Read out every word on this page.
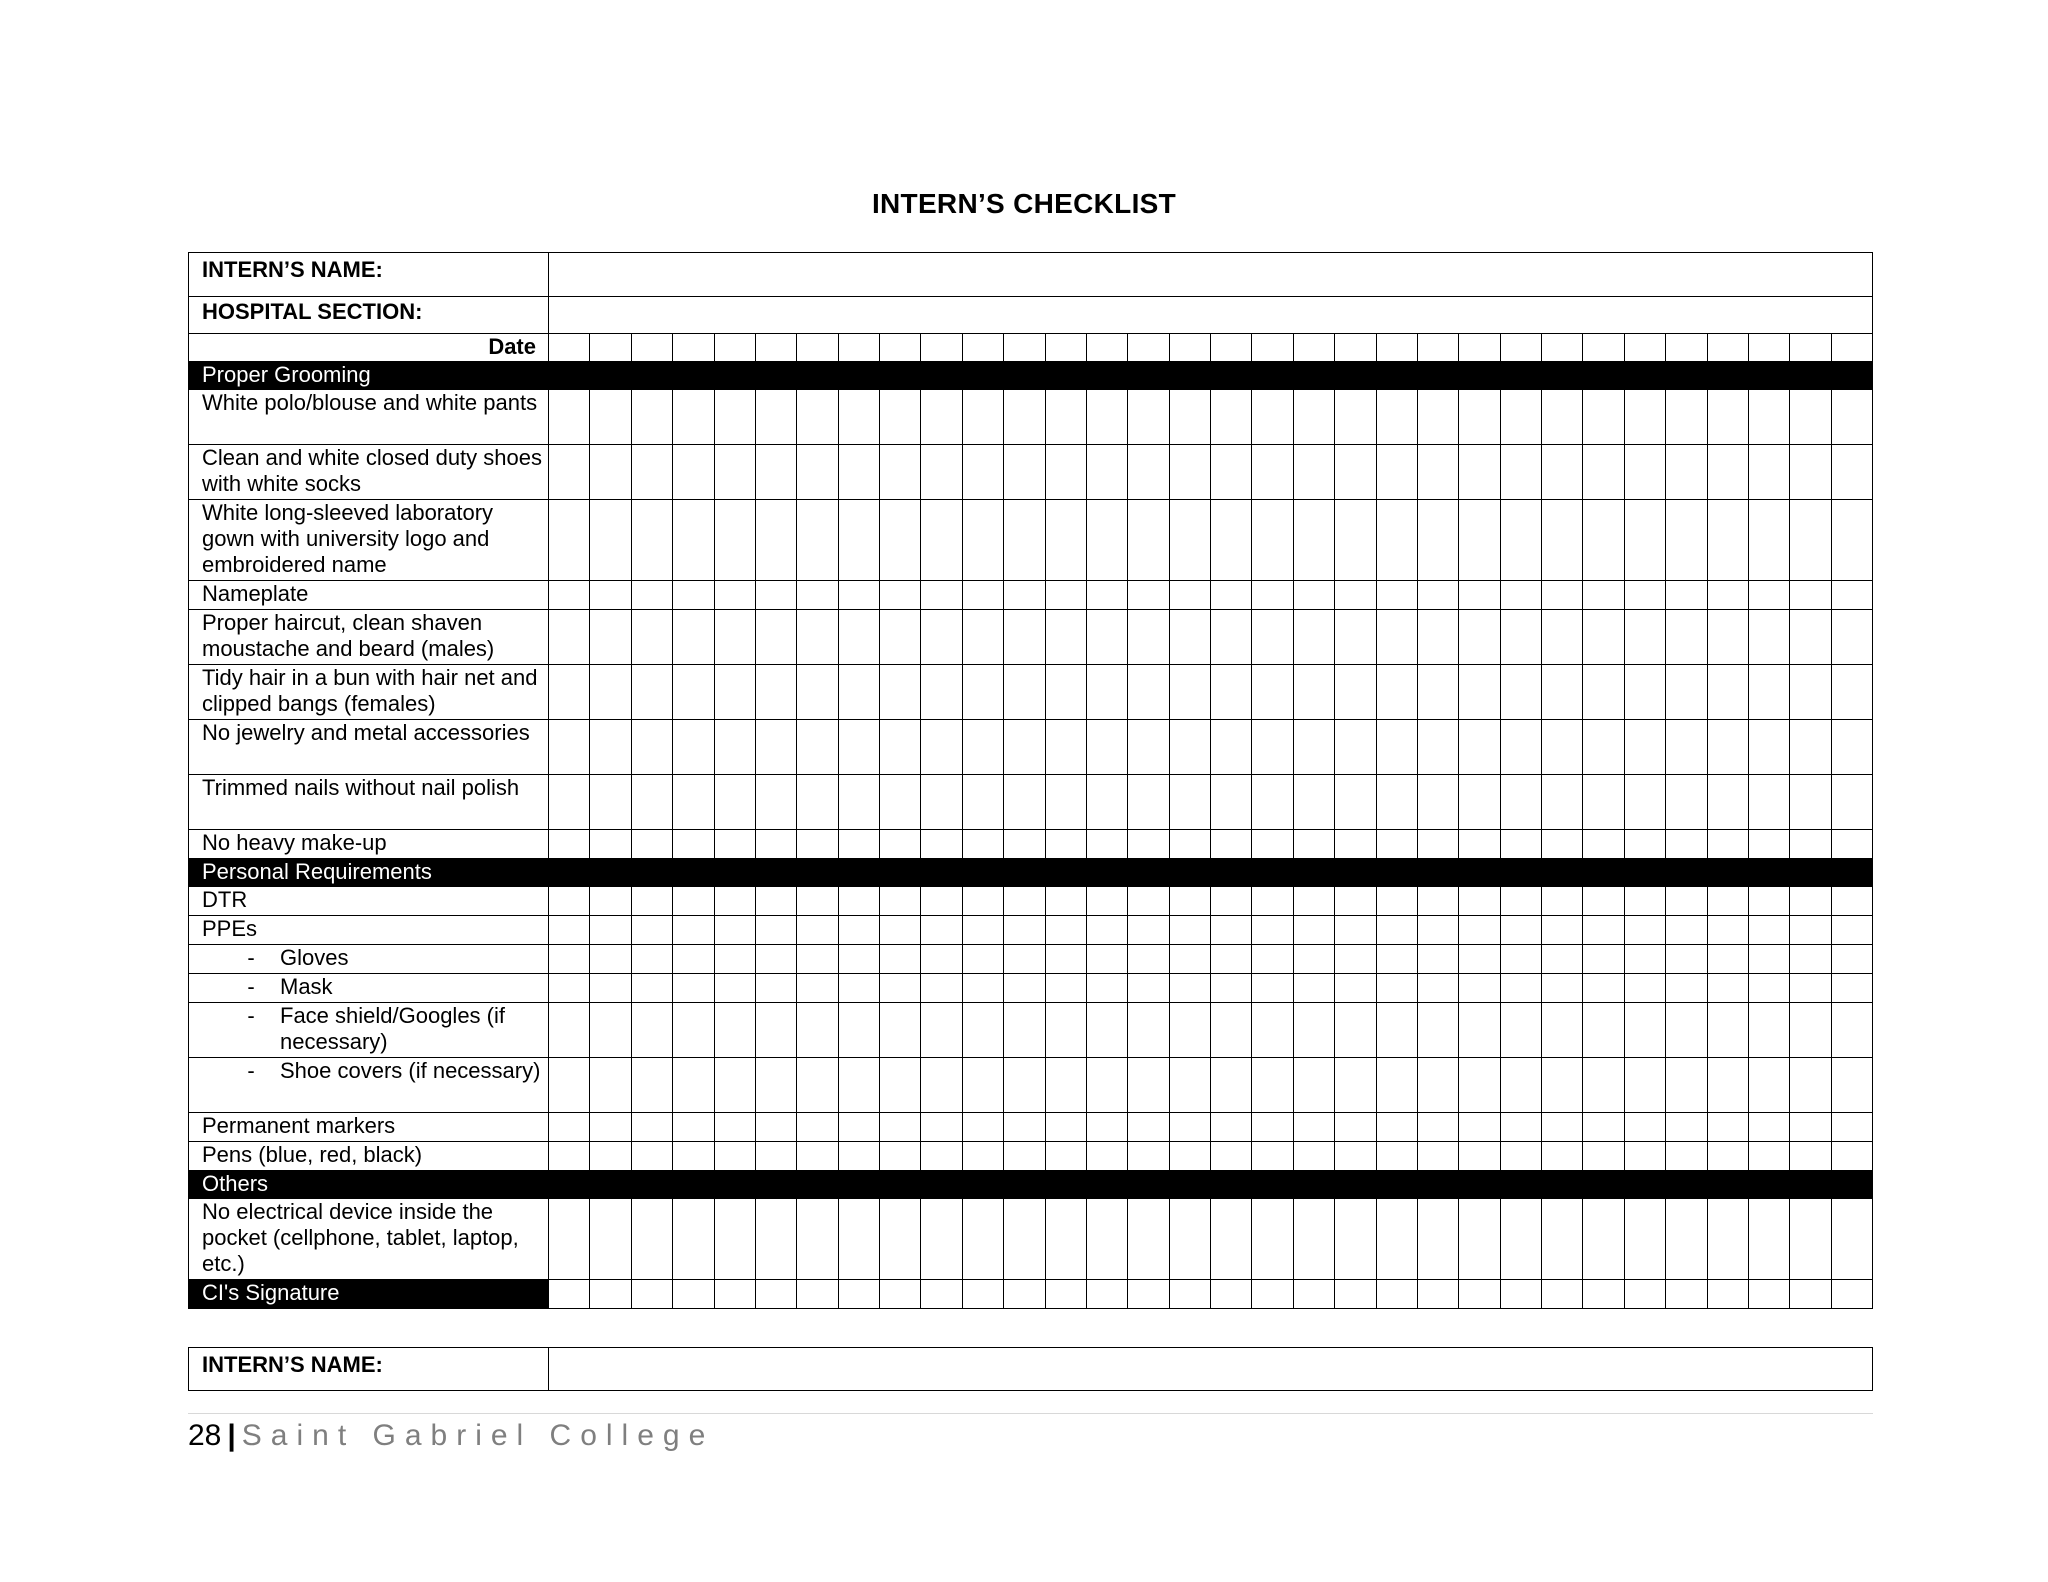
INTERN’S CHECKLIST
INTERN’S NAME:																																
HOSPITAL SECTION:																																
Date																																
Proper Grooming																																
White polo/blouse and white pants																																
Clean and white closed duty shoes with white socks																																
White long-sleeved laboratory gown with university logo and embroidered name																																
Nameplate																																
Proper haircut, clean shaven moustache and beard (males)																																
Tidy hair in a bun with hair net and clipped bangs (females)																																
No jewelry and metal accessories																																
Trimmed nails without nail polish																																
No heavy make-up																																
Personal Requirements																																
DTR																																
PPEs																																

- Gloves																																

- Mask																																

- Face shield/Googles (if necessary)																																

- Shoe covers (if necessary)																																

Permanent markers																																
Pens (blue, red, black)																																
Others																																
No electrical device inside the pocket (cellphone, tablet, laptop, etc.)																																
CI's Signature																																
INTERN’S NAME:	
28 | Saint Gabriel College
